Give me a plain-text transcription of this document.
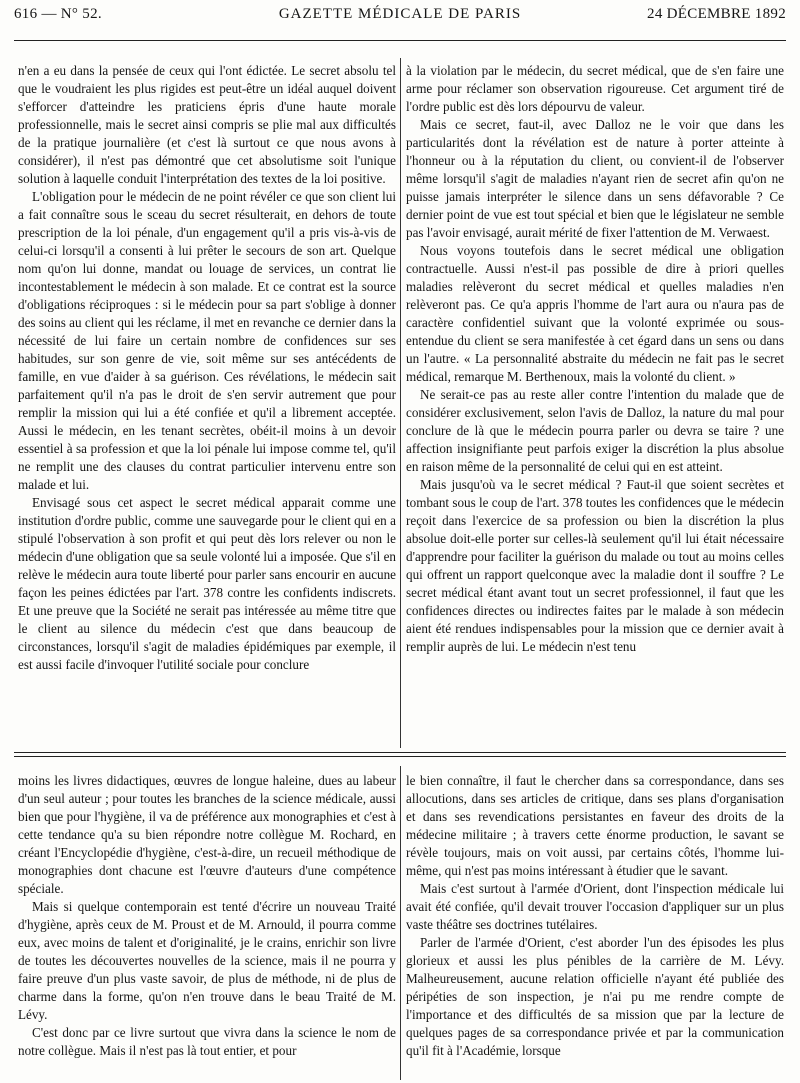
616 — N° 52.	GAZETTE MÉDICALE DE PARIS	24 DÉCEMBRE 1892

n'en a eu dans la pensée de ceux qui l'ont édictée. Le secret absolu tel que le voudraient les plus rigides est peut-être un idéal auquel doivent s'efforcer d'atteindre les praticiens épris d'une haute morale professionnelle, mais le secret ainsi compris se plie mal aux difficultés de la pratique journalière (et c'est là surtout ce que nous avons à considérer), il n'est pas démontré que cet absolutisme soit l'unique solution à laquelle conduit l'interprétation des textes de la loi positive.

L'obligation pour le médecin de ne point révéler ce que son client lui a fait connaître sous le sceau du secret résulterait, en dehors de toute prescription de la loi pénale, d'un engagement qu'il a pris vis-à-vis de celui-ci lorsqu'il a consenti à lui prêter le secours de son art. Quelque nom qu'on lui donne, mandat ou louage de services, un contrat lie incontestablement le médecin à son malade. Et ce contrat est la source d'obligations réciproques : si le médecin pour sa part s'oblige à donner des soins au client qui les réclame, il met en revanche ce dernier dans la nécessité de lui faire un certain nombre de confidences sur ses habitudes, sur son genre de vie, soit même sur ses antécédents de famille, en vue d'aider à sa guérison. Ces révélations, le médecin sait parfaitement qu'il n'a pas le droit de s'en servir autrement que pour remplir la mission qui lui a été confiée et qu'il a librement acceptée. Aussi le médecin, en les tenant secrètes, obéit-il moins à un devoir essentiel à sa profession et que la loi pénale lui impose comme tel, qu'il ne remplit une des clauses du contrat particulier intervenu entre son malade et lui.

Envisagé sous cet aspect le secret médical apparait comme une institution d'ordre public, comme une sauvegarde pour le client qui en a stipulé l'observation à son profit et qui peut dès lors relever ou non le médecin d'une obligation que sa seule volonté lui a imposée. Que s'il en relève le médecin aura toute liberté pour parler sans encourir en aucune façon les peines édictées par l'art. 378 contre les confidents indiscrets. Et une preuve que la Société ne serait pas intéressée au même titre que le client au silence du médecin c'est que dans beaucoup de circonstances, lorsqu'il s'agit de maladies épidémiques par exemple, il est aussi facile d'invoquer l'utilité sociale pour conclure

à la violation par le médecin, du secret médical, que de s'en faire une arme pour réclamer son observation rigoureuse. Cet argument tiré de l'ordre public est dès lors dépourvu de valeur.

Mais ce secret, faut-il, avec Dalloz ne le voir que dans les particularités dont la révélation est de nature à porter atteinte à l'honneur ou à la réputation du client, ou convient-il de l'observer même lorsqu'il s'agit de maladies n'ayant rien de secret afin qu'on ne puisse jamais interpréter le silence dans un sens défavorable ? Ce dernier point de vue est tout spécial et bien que le législateur ne semble pas l'avoir envisagé, aurait mérité de fixer l'attention de M. Verwaest.

Nous voyons toutefois dans le secret médical une obligation contractuelle. Aussi n'est-il pas possible de dire à priori quelles maladies relèveront du secret médical et quelles maladies n'en relèveront pas. Ce qu'a appris l'homme de l'art aura ou n'aura pas de caractère confidentiel suivant que la volonté exprimée ou sous-entendue du client se sera manifestée à cet égard dans un sens ou dans un l'autre. « La personnalité abstraite du médecin ne fait pas le secret médical, remarque M. Berthenoux, mais la volonté du client. »

Ne serait-ce pas au reste aller contre l'intention du malade que de considérer exclusivement, selon l'avis de Dalloz, la nature du mal pour conclure de là que le médecin pourra parler ou devra se taire ? une affection insignifiante peut parfois exiger la discrétion la plus absolue en raison même de la personnalité de celui qui en est atteint.

Mais jusqu'où va le secret médical ? Faut-il que soient secrètes et tombant sous le coup de l'art. 378 toutes les confidences que le médecin reçoit dans l'exercice de sa profession ou bien la discrétion la plus absolue doit-elle porter sur celles-là seulement qu'il lui était nécessaire d'apprendre pour faciliter la guérison du malade ou tout au moins celles qui offrent un rapport quelconque avec la maladie dont il souffre ? Le secret médical étant avant tout un secret professionnel, il faut que les confidences directes ou indirectes faites par le malade à son médecin aient été rendues indispensables pour la mission que ce dernier avait à remplir auprès de lui. Le médecin n'est tenu

moins les livres didactiques, œuvres de longue haleine, dues au labeur d'un seul auteur ; pour toutes les branches de la science médicale, aussi bien que pour l'hygiène, il va de préférence aux monographies et c'est à cette tendance qu'a su bien répondre notre collègue M. Rochard, en créant l'Encyclopédie d'hygiène, c'est-à-dire, un recueil méthodique de monographies dont chacune est l'œuvre d'auteurs d'une compétence spéciale.

Mais si quelque contemporain est tenté d'écrire un nouveau Traité d'hygiène, après ceux de M. Proust et de M. Arnould, il pourra comme eux, avec moins de talent et d'originalité, je le crains, enrichir son livre de toutes les découvertes nouvelles de la science, mais il ne pourra y faire preuve d'un plus vaste savoir, de plus de méthode, ni de plus de charme dans la forme, qu'on n'en trouve dans le beau Traité de M. Lévy.

C'est donc par ce livre surtout que vivra dans la science le nom de notre collègue. Mais il n'est pas là tout entier, et pour

le bien connaître, il faut le chercher dans sa correspondance, dans ses allocutions, dans ses articles de critique, dans ses plans d'organisation et dans ses revendications persistantes en faveur des droits de la médecine militaire ; à travers cette énorme production, le savant se révèle toujours, mais on voit aussi, par certains côtés, l'homme lui-même, qui n'est pas moins intéressant à étudier que le savant.

Mais c'est surtout à l'armée d'Orient, dont l'inspection médicale lui avait été confiée, qu'il devait trouver l'occasion d'appliquer sur un plus vaste théâtre ses doctrines tutélaires.

Parler de l'armée d'Orient, c'est aborder l'un des épisodes les plus glorieux et aussi les plus pénibles de la carrière de M. Lévy. Malheureusement, aucune relation officielle n'ayant été publiée des péripéties de son inspection, je n'ai pu me rendre compte de l'importance et des difficultés de sa mission que par la lecture de quelques pages de sa correspondance privée et par la communication qu'il fit à l'Académie, lorsque
